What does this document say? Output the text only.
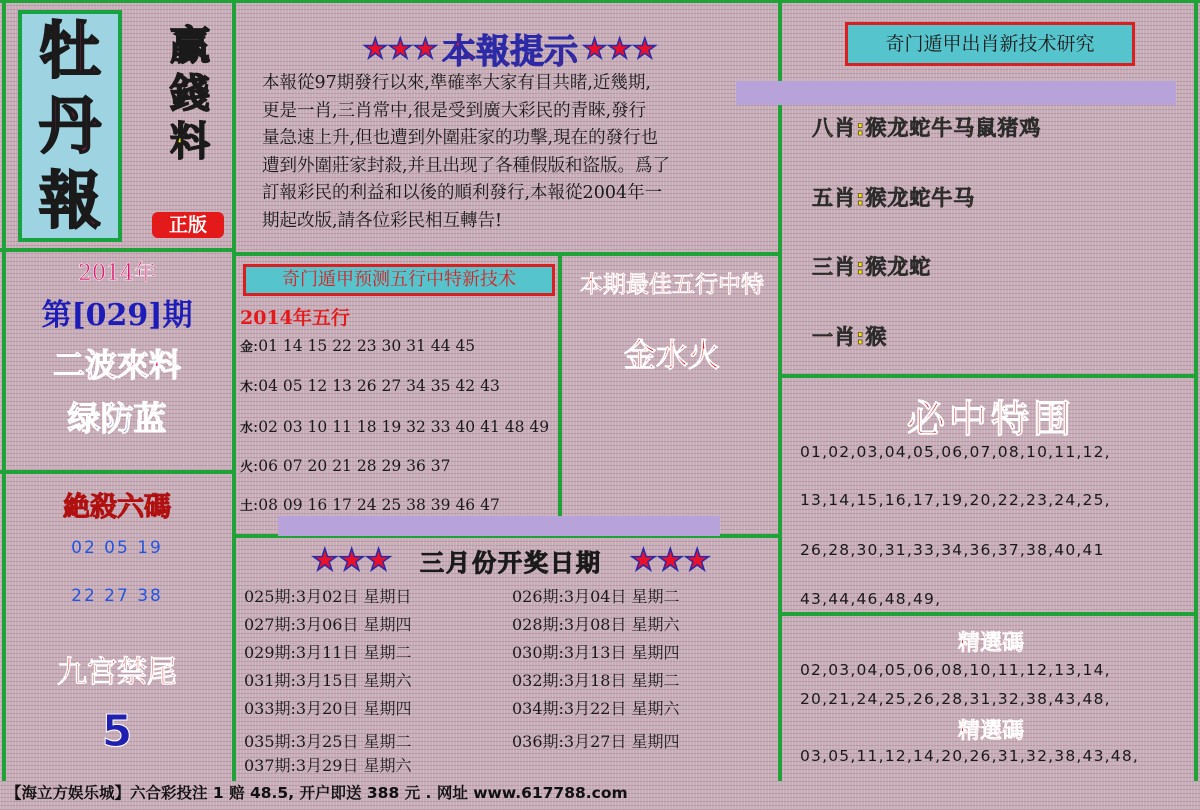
牡
丹
報
贏
錢
料
正版
★★★ 本報提示 ★★★
本報從97期發行以來,準確率大家有目共睹,近幾期,
更是一肖,三肖常中,很是受到廣大彩民的青睞,發行
量急速上升,但也遭到外圍莊家的功擊,現在的發行也
遭到外圍莊家封殺,并且出现了各種假版和盜版。爲了
訂報彩民的利益和以後的順利發行,本報從2004年一
期起改版,請各位彩民相互轉告!
2014年
第[029]期
二波來料
绿防蓝
絶殺六碼
02 05 19
22 27 38
九宫禁尾
5
奇门遁甲预测五行中特新技术
2014年五行
金:01 14 15 22 23 30 31 44 45
木:04 05 12 13 26 27 34 35 42 43
水:02 03 10 11 18 19 32 33 40 41 48 49
火:06 07 20 21 28 29 36 37
土:08 09 16 17 24 25 38 39 46 47
本期最佳五行中特
金水火
★★★ 三月份开奖日期 ★★★
025期:3月02日 星期日	026期:3月04日 星期二
027期:3月06日 星期四	028期:3月08日 星期六
029期:3月11日 星期二	030期:3月13日 星期四
031期:3月15日 星期六	032期:3月18日 星期二
033期:3月20日 星期四	034期:3月22日 星期六
035期:3月25日 星期二	036期:3月27日 星期四
037期:3月29日 星期六
奇门遁甲出肖新技术研究
八肖:猴龙蛇牛马鼠猪鸡
五肖:猴龙蛇牛马
三肖:猴龙蛇
一肖:猴
必中特围
01,02,03,04,05,06,07,08,10,11,12,
13,14,15,16,17,19,20,22,23,24,25,
26,28,30,31,33,34,36,37,38,40,41
43,44,46,48,49,
精選碼
02,03,04,05,06,08,10,11,12,13,14,
20,21,24,25,26,28,31,32,38,43,48,
精選碼
03,05,11,12,14,20,26,31,32,38,43,48,
【海立方娱乐城】六合彩投注 1 赔 48.5, 开户即送 388 元 . 网址 www.617788.com
